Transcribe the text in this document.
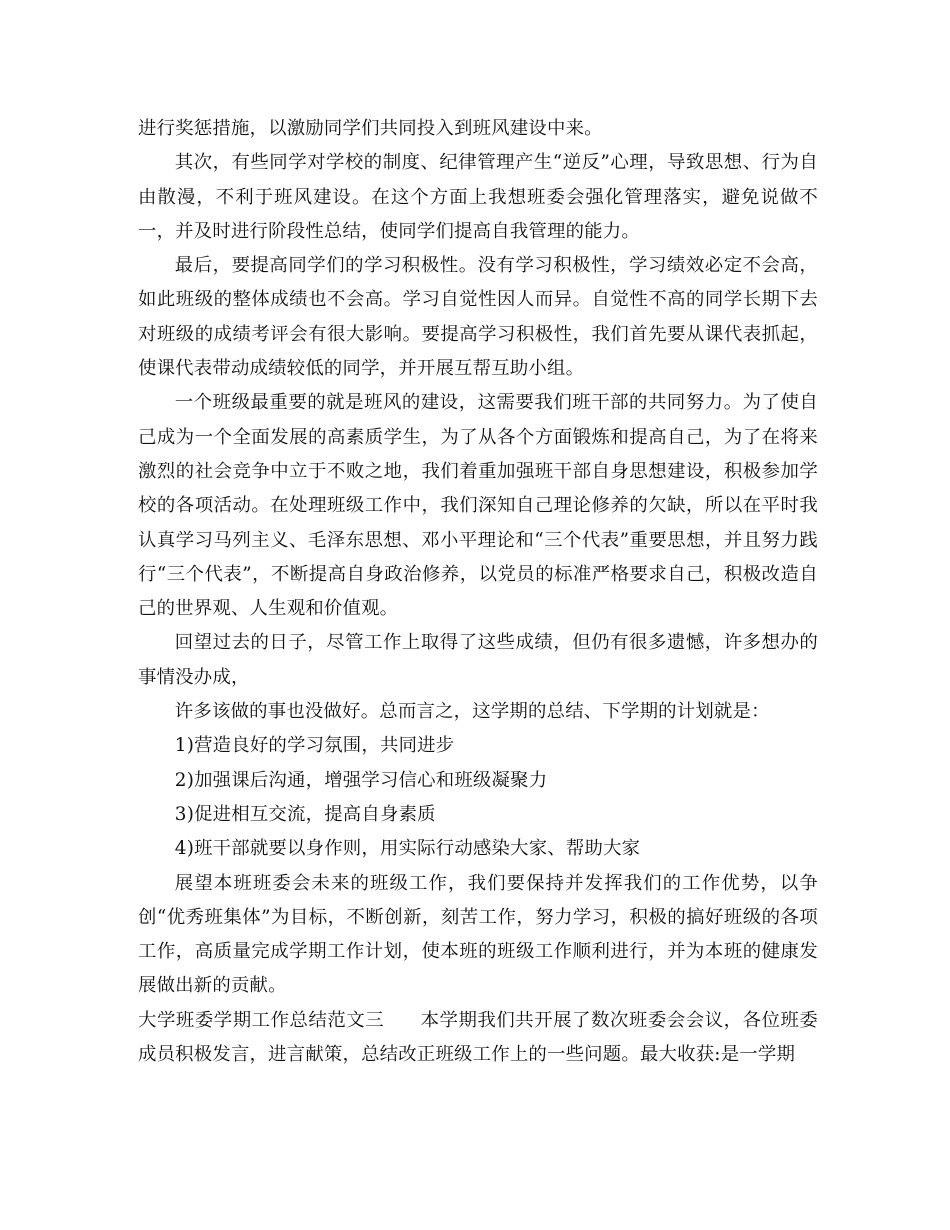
进行奖惩措施，以激励同学们共同投入到班风建设中来。

其次，有些同学对学校的制度、纪律管理产生“逆反”心理，导致思想、行为自由散漫，不利于班风建设。在这个方面上我想班委会强化管理落实，避免说做不一，并及时进行阶段性总结，使同学们提高自我管理的能力。

最后，要提高同学们的学习积极性。没有学习积极性，学习绩效必定不会高，如此班级的整体成绩也不会高。学习自觉性因人而异。自觉性不高的同学长期下去对班级的成绩考评会有很大影响。要提高学习积极性，我们首先要从课代表抓起，使课代表带动成绩较低的同学，并开展互帮互助小组。

一个班级最重要的就是班风的建设，这需要我们班干部的共同努力。为了使自己成为一个全面发展的高素质学生，为了从各个方面锻炼和提高自己，为了在将来激烈的社会竞争中立于不败之地，我们着重加强班干部自身思想建设，积极参加学校的各项活动。在处理班级工作中，我们深知自己理论修养的欠缺，所以在平时我认真学习马列主义、毛泽东思想、邓小平理论和“三个代表”重要思想，并且努力践行“三个代表”，不断提高自身政治修养，以党员的标准严格要求自己，积极改造自己的世界观、人生观和价值观。

回望过去的日子，尽管工作上取得了这些成绩，但仍有很多遗憾，许多想办的事情没办成，

许多该做的事也没做好。总而言之，这学期的总结、下学期的计划就是：

1)营造良好的学习氛围，共同进步

2)加强课后沟通，增强学习信心和班级凝聚力

3)促进相互交流，提高自身素质

4)班干部就要以身作则，用实际行动感染大家、帮助大家

展望本班班委会未来的班级工作，我们要保持并发挥我们的工作优势，以争创“优秀班集体”为目标，不断创新，刻苦工作，努力学习，积极的搞好班级的各项工作，高质量完成学期工作计划，使本班的班级工作顺利进行，并为本班的健康发展做出新的贡献。

大学班委学期工作总结范文三 本学期我们共开展了数次班委会会议，各位班委成员积极发言，进言献策，总结改正班级工作上的一些问题。最大收获:是一学期
